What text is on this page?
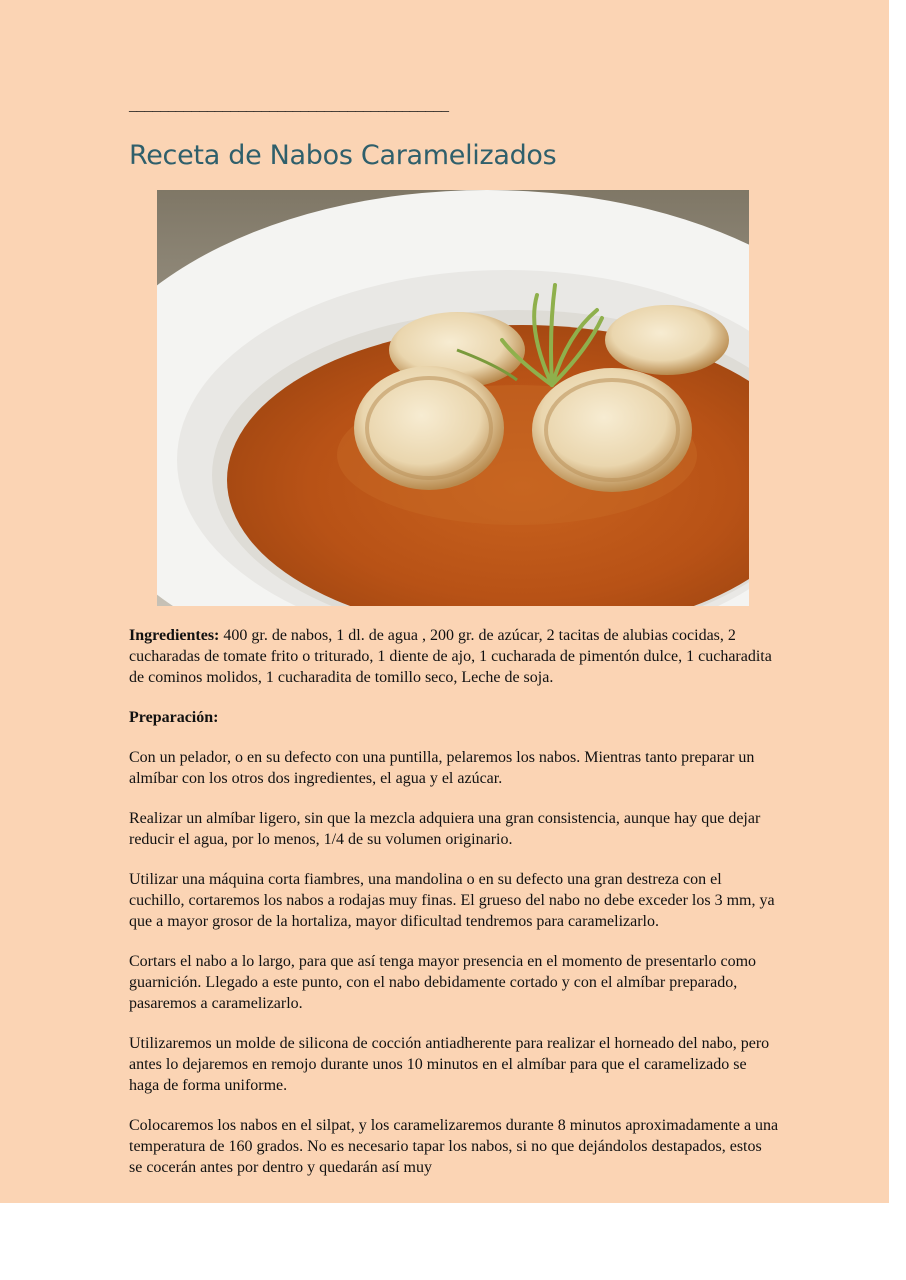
_________________________________________

Receta de Nabos Caramelizados

Ingredientes: 400 gr. de nabos, 1 dl. de agua , 200 gr. de azúcar, 2 tacitas de alubias cocidas, 2 cucharadas de tomate frito o triturado, 1 diente de ajo, 1 cucharada de pimentón dulce, 1 cucharadita de cominos molidos, 1 cucharadita de tomillo seco, Leche de soja.

Preparación:

Con un pelador, o en su defecto con una puntilla, pelaremos los nabos. Mientras tanto preparar un almíbar con los otros dos ingredientes, el agua y el azúcar.

Realizar un almíbar ligero, sin que la mezcla adquiera una gran consistencia, aunque hay que dejar reducir el agua, por lo menos, 1/4 de su volumen originario.

Utilizar una máquina corta fiambres, una mandolina o en su defecto una gran destreza con el cuchillo, cortaremos los nabos a rodajas muy finas. El grueso del nabo no debe exceder los 3 mm, ya que a mayor grosor de la hortaliza, mayor dificultad tendremos para caramelizarlo.

Cortars el nabo a lo largo, para que así tenga mayor presencia en el momento de presentarlo como guarnición. Llegado a este punto, con el nabo debidamente cortado y con el almíbar preparado, pasaremos a caramelizarlo.

Utilizaremos un molde de silicona de cocción antiadherente para realizar el horneado del nabo, pero antes lo dejaremos en remojo durante unos 10 minutos en el almíbar para que el caramelizado se haga de forma uniforme.

Colocaremos los nabos en el silpat, y los caramelizaremos durante 8 minutos aproximadamente a una temperatura de 160 grados. No es necesario tapar los nabos, si no que dejándolos destapados, estos se cocerán antes por dentro y quedarán así muy
